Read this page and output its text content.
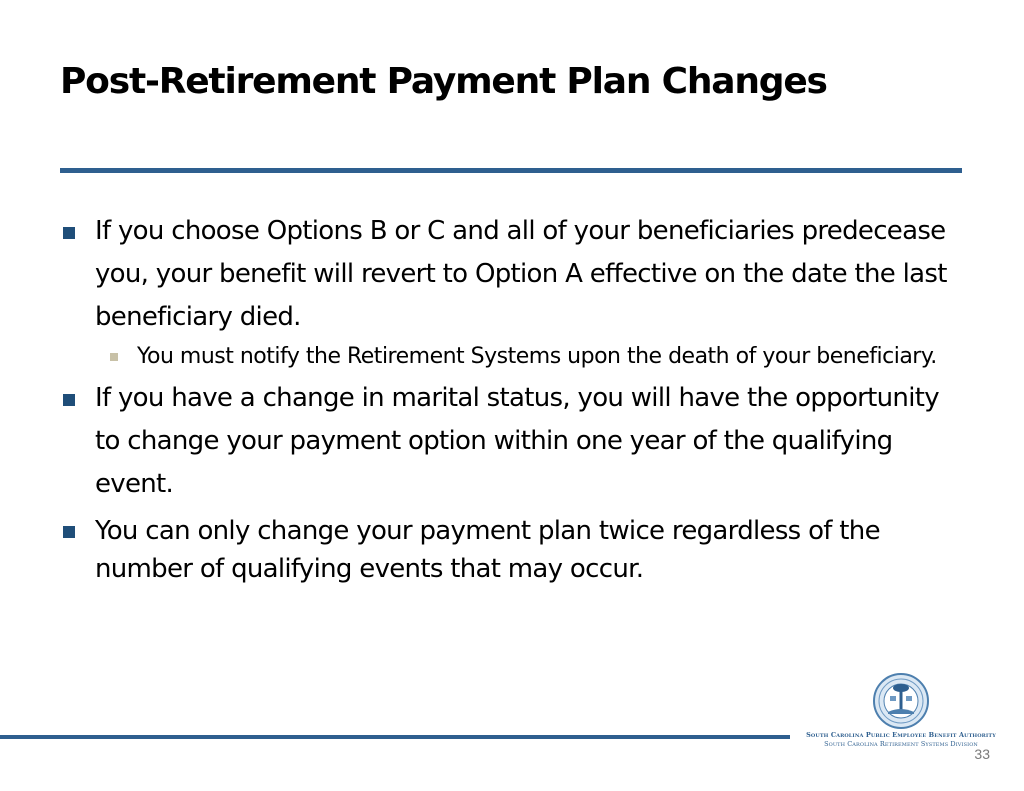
Post-Retirement Payment Plan Changes
If you choose Options B or C and all of your beneficiaries predecease you, your benefit will revert to Option A effective on the date the last beneficiary died.
You must notify the Retirement Systems upon the death of your beneficiary.
If you have a change in marital status, you will have the opportunity to change your payment option within one year of the qualifying event.
You can only change your payment plan twice regardless of the number of qualifying events that may occur.
South Carolina Public Employee Benefit Authority
South Carolina Retirement Systems Division
33
